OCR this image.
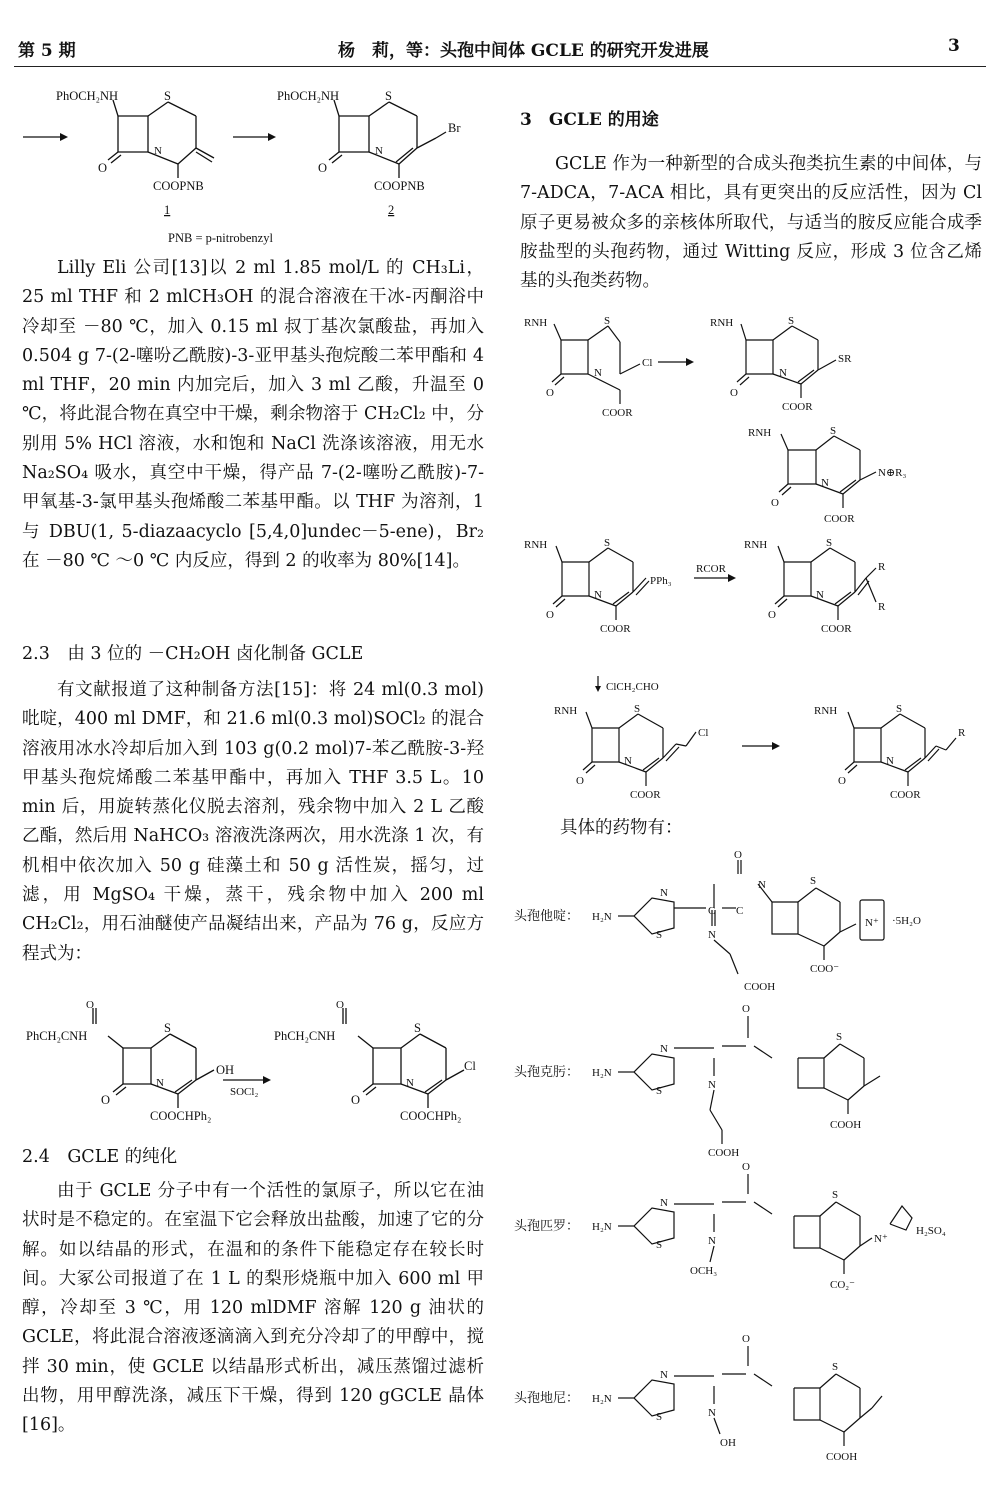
第 5 期	杨　莉，等：头孢中间体 GCLE 的研究开发进展	3
PhOCH₂NH	S
O
N
COOPNB
1
PhOCH₂NH	S
O
N
COOPNB
Br
2
PNB = p-nitrobenzyl

Lilly Eli 公司[13]以 2 ml 1.85 mol/L 的 CH₃Li，25 ml THF 和 2 mlCH₃OH 的混合溶液在干冰-丙酮浴中冷却至 －80 ℃，加入 0.15 ml 叔丁基次氯酸盐，再加入 0.504 g 7-(2-噻吩乙酰胺)-3-亚甲基头孢烷酸二苯甲酯和 4 ml THF，20 min 内加完后，加入 3 ml 乙酸，升温至 0 ℃，将此混合物在真空中干燥，剩余物溶于 CH₂Cl₂ 中，分别用 5% HCl 溶液，水和饱和 NaCl 洗涤该溶液，用无水 Na₂SO₄ 吸水，真空中干燥，得产品 7-(2-噻吩乙酰胺)-7-甲氧基-3-氯甲基头孢烯酸二苯基甲酯。以 THF 为溶剂，1 与 DBU(1, 5-diazaacyclo [5,4,0]undec－5-ene)，Br₂ 在 －80 ℃ ～0 ℃ 内反应，得到 2 的收率为 80%[14]。

2.3　由 3 位的 －CH₂OH 卤化制备 GCLE

有文献报道了这种制备方法[15]：将 24 ml(0.3 mol)吡啶，400 ml DMF，和 21.6 ml(0.3 mol)SOCl₂ 的混合溶液用冰水冷却后加入到 103 g(0.2 mol)7-苯乙酰胺-3-羟甲基头孢烷烯酸二苯基甲酯中，再加入 THF 3.5 L。10 min 后，用旋转蒸化仪脱去溶剂，残余物中加入 2 L 乙酸乙酯，然后用 NaHCO₃ 溶液洗涤两次，用水洗涤 1 次，有机相中依次加入 50 g 硅藻土和 50 g 活性炭，摇匀，过滤，用 MgSO₄ 干燥，蒸干，残余物中加入 200 ml CH₂Cl₂，用石油醚使产品凝结出来，产品为 76 g，反应方程式为：

O
PhCH₂CNH
S
O
N
OH
COOCHPh₂
SOCl₂
O
PhCH₂CNH
S
O
N
Cl
COOCHPh₂

2.4　GCLE 的纯化

由于 GCLE 分子中有一个活性的氯原子，所以它在油状时是不稳定的。在室温下它会释放出盐酸，加速了它的分解。如以结晶的形式，在温和的条件下能稳定存在较长时间。大冢公司报道了在 1 L 的梨形烧瓶中加入 600 ml 甲醇，冷却至 3 ℃，用 120 mlDMF 溶解 120 g 油状的 GCLE，将此混合溶液逐滴滴入到充分冷却了的甲醇中，搅拌 30 min，使 GCLE 以结晶形式析出，减压蒸馏过滤析出物，用甲醇洗涤，减压下干燥，得到 120 gGCLE 晶体[16]。

3　GCLE 的用途

GCLE 作为一种新型的合成头孢类抗生素的中间体，与 7-ADCA，7-ACA 相比，具有更突出的反应活性，因为 Cl 原子更易被众多的亲核体所取代，与适当的胺反应能合成季胺盐型的头孢药物，通过 Witting 反应，形成 3 位含乙烯基的头孢类药物。

RNH	S
N
Cl
O
COOR
RNH	S
N
SR
O
COOR
RNH	S
N
N⊕R₃
O
COOR
RNH	S
N
PPh₃
O
COOR
RCOR
RNH	S
N
R
R
O
COOR
ClCH₂CHO
RNH	S
N
Cl
O
COOR
RNH	S
N
R
O
COOR

具体的药物有：

头孢他啶： H₂N
N
S
C C
O
N
N
S
N⁺ ·5H₂O
COO⁻
COOH
头孢克肟： H₂N
N
S
O
N
S
COOH
COOH
头孢匹罗： H₂N
N
S
O
N
S
N⁺
H₂SO₄
CO₂⁻
OCH₃
头孢地尼： H₂N
N
S
O
N
S
COOH
OH
